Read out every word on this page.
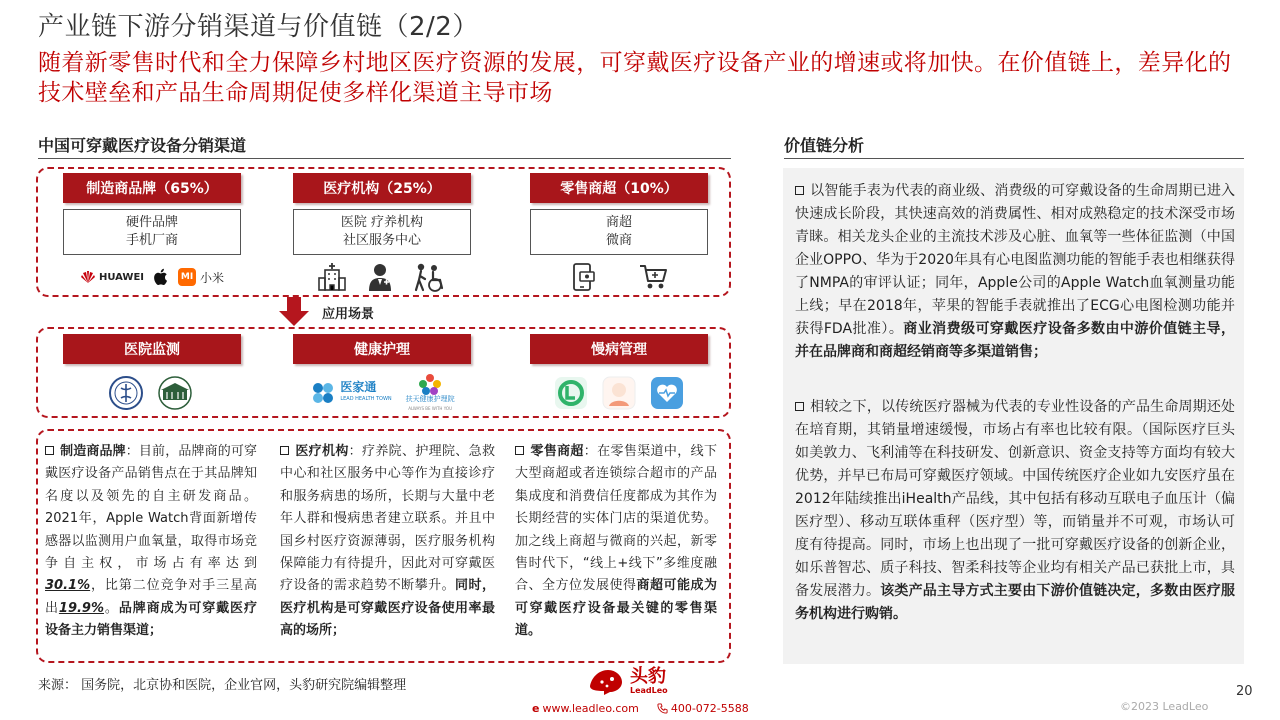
产业链下游分销渠道与价值链（2/2）
随着新零售时代和全力保障乡村地区医疗资源的发展，可穿戴医疗设备产业的增速或将加快。在价值链上，差异化的技术壁垒和产品生命周期促使多样化渠道主导市场
中国可穿戴医疗设备分销渠道
制造商品牌（65%）	医疗机构（25%）	零售商超（10%）
硬件品牌
手机厂商
医院 疗养机构
社区服务中心
商超
微商
HUAWEI	MI 小米
应用场景
医院监测	健康护理	慢病管理
医家通
LEAD HEALTH TOWN 扶天健康护理院
ALWAYS BE WITH YOU
制造商品牌：目前，品牌商的可穿戴医疗设备产品销售点在于其品牌知名度以及领先的自主研发商品。2021年，Apple Watch背面新增传感器以监测用户血氧量，取得市场竞争自主权，市场占有率达到30.1%，比第二位竞争对手三星高出19.9%。品牌商成为可穿戴医疗设备主力销售渠道；
医疗机构：疗养院、护理院、急救中心和社区服务中心等作为直接诊疗和服务病患的场所，长期与大量中老年人群和慢病患者建立联系。并且中国乡村医疗资源薄弱，医疗服务机构保障能力有待提升，因此对可穿戴医疗设备的需求趋势不断攀升。同时，医疗机构是可穿戴医疗设备使用率最高的场所；
零售商超：在零售渠道中，线下大型商超或者连锁综合超市的产品集成度和消费信任度都成为其作为长期经营的实体门店的渠道优势。加之线上商超与微商的兴起，新零售时代下，“线上+线下”多维度融合、全方位发展使得商超可能成为可穿戴医疗设备最关键的零售渠道。
价值链分析
以智能手表为代表的商业级、消费级的可穿戴设备的生命周期已进入快速成长阶段，其快速高效的消费属性、相对成熟稳定的技术深受市场青睐。相关龙头企业的主流技术涉及心脏、血氧等一些体征监测（中国企业OPPO、华为于2020年具有心电图监测功能的智能手表也相继获得了NMPA的审评认证；同年，Apple公司的Apple Watch血氧测量功能上线；早在2018年，苹果的智能手表就推出了ECG心电图检测功能并获得FDA批准）。商业消费级可穿戴医疗设备多数由中游价值链主导，并在品牌商和商超经销商等多渠道销售；
相较之下，以传统医疗器械为代表的专业性设备的产品生命周期还处在培育期，其销量增速缓慢，市场占有率也比较有限。（国际医疗巨头如美敦力、飞利浦等在科技研发、创新意识、资金支持等方面均有较大优势，并早已布局可穿戴医疗领域。中国传统医疗企业如九安医疗虽在2012年陆续推出iHealth产品线，其中包括有移动互联电子血压计（偏医疗型）、移动互联体重秤（医疗型）等，而销量并不可观，市场认可度有待提高。同时，市场上也出现了一批可穿戴医疗设备的创新企业，如乐普智芯、质子科技、智柔科技等企业均有相关产品已获批上市，具备发展潜力。该类产品主导方式主要由下游价值链决定，多数由医疗服务机构进行购销。
来源： 国务院，北京协和医院，企业官网，头豹研究院编辑整理	头豹
LeadLeo
e www.leadleo.com	400-072-5588
20
©2023 LeadLeo
